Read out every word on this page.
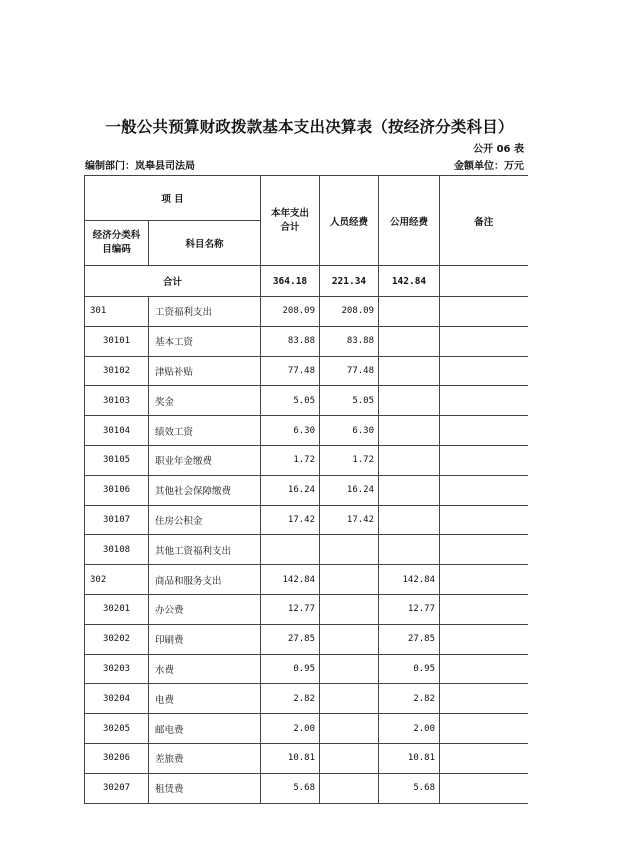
一般公共预算财政拨款基本支出决算表（按经济分类科目）
公开 06 表
编制部门：岚皋县司法局	金额单位：万元
项 目		本年支出合计	人员经费	公用经费	备注
经济分类科目编码	科目名称				
合计		364.18	221.34	142.84	
301	工资福利支出	208.09	208.09		
30101	基本工资	83.88	83.88		
30102	津贴补贴	77.48	77.48		
30103	奖金	5.05	5.05		
30104	绩效工资	6.30	6.30		
30105	职业年金缴费	1.72	1.72		
30106	其他社会保障缴费	16.24	16.24		
30107	住房公积金	17.42	17.42		
30108	其他工资福利支出				
302	商品和服务支出	142.84		142.84	
30201	办公费	12.77		12.77	
30202	印刷费	27.85		27.85	
30203	水费	0.95		0.95	
30204	电费	2.82		2.82	
30205	邮电费	2.00		2.00	
30206	差旅费	10.81		10.81	
30207	租赁费	5.68		5.68	
